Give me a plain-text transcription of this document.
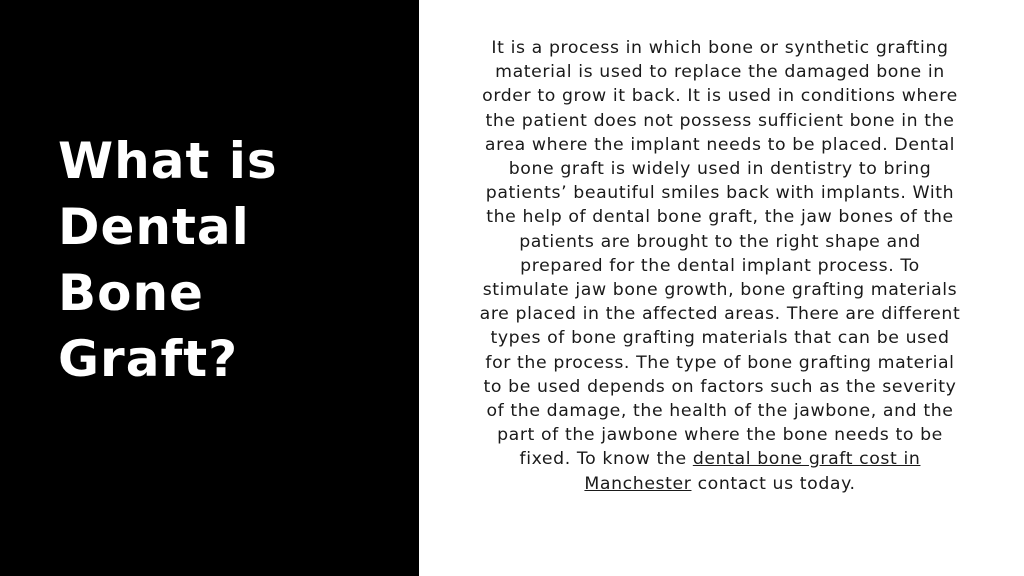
What is
Dental
Bone
Graft?

It is a process in which bone or synthetic grafting material is used to replace the damaged bone in order to grow it back. It is used in conditions where the patient does not possess sufficient bone in the area where the implant needs to be placed. Dental bone graft is widely used in dentistry to bring patients’ beautiful smiles back with implants. With the help of dental bone graft, the jaw bones of the patients are brought to the right shape and prepared for the dental implant process. To stimulate jaw bone growth, bone grafting materials are placed in the affected areas. There are different types of bone grafting materials that can be used for the process. The type of bone grafting material to be used depends on factors such as the severity of the damage, the health of the jawbone, and the part of the jawbone where the bone needs to be fixed. To know the dental bone graft cost in Manchester contact us today.
